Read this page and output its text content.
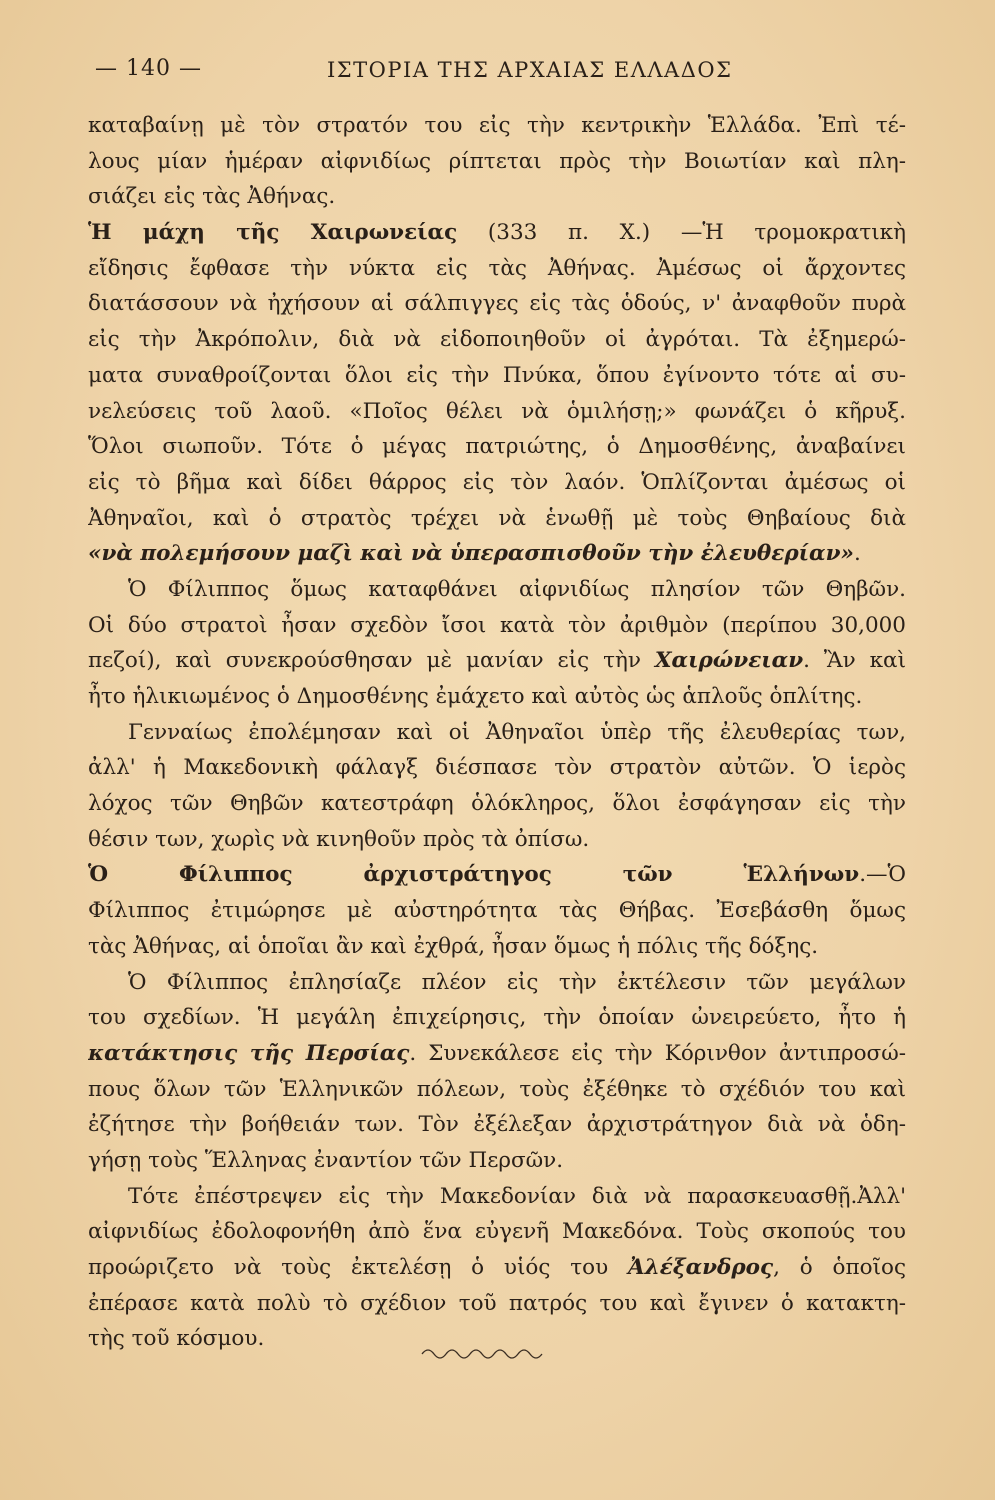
— 140 —	ΙΣΤΟΡΙΑ ΤΗΣ ΑΡΧΑΙΑΣ ΕΛΛΑΔΟΣ
καταβαίνῃ μὲ τὸν στρατόν του εἰς τὴν κεντρικὴν Ἑλλάδα. Ἐπὶ τέ-
λους μίαν ἡμέραν αἰφνιδίως ρίπτεται πρὸς τὴν Βοιωτίαν καὶ πλη-
σιάζει εἰς τὰς Ἀθήνας.
Ἡ μάχη τῆς Χαιρωνείας (333 π. Χ.) —Ἡ τρομοκρατικὴ
εἴδησις ἔφθασε τὴν νύκτα εἰς τὰς Ἀθήνας. Ἀμέσως οἱ ἄρχοντες
διατάσσουν νὰ ἠχήσουν αἱ σάλπιγγες εἰς τὰς ὁδούς, ν' ἀναφθοῦν πυρὰ
εἰς τὴν Ἀκρόπολιν, διὰ νὰ εἰδοποιηθοῦν οἱ ἀγρόται. Τὰ ἐξημερώ-
ματα συναθροίζονται ὅλοι εἰς τὴν Πνύκα, ὅπου ἐγίνοντο τότε αἱ συ-
νελεύσεις τοῦ λαοῦ. «Ποῖος θέλει νὰ ὁμιλήσῃ;» φωνάζει ὁ κῆρυξ.
Ὅλοι σιωποῦν. Τότε ὁ μέγας πατριώτης, ὁ Δημοσθένης, ἀναβαίνει
εἰς τὸ βῆμα καὶ δίδει θάρρος εἰς τὸν λαόν. Ὁπλίζονται ἀμέσως οἱ
Ἀθηναῖοι, καὶ ὁ στρατὸς τρέχει νὰ ἑνωθῇ μὲ τοὺς Θηβαίους διὰ
«νὰ πολεμήσουν μαζὶ καὶ νὰ ὑπερασπισθοῦν τὴν ἐλευθερίαν».
Ὁ Φίλιππος ὅμως καταφθάνει αἰφνιδίως πλησίον τῶν Θηβῶν.
Οἱ δύο στρατοὶ ἦσαν σχεδὸν ἴσοι κατὰ τὸν ἀριθμὸν (περίπου 30,000
πεζοί), καὶ συνεκρούσθησαν μὲ μανίαν εἰς τὴν Χαιρώνειαν. Ἂν καὶ
ἦτο ἡλικιωμένος ὁ Δημοσθένης ἐμάχετο καὶ αὐτὸς ὡς ἁπλοῦς ὁπλίτης.
Γενναίως ἐπολέμησαν καὶ οἱ Ἀθηναῖοι ὑπὲρ τῆς ἐλευθερίας των,
ἀλλ' ἡ Μακεδονικὴ φάλαγξ διέσπασε τὸν στρατὸν αὐτῶν. Ὁ ἱερὸς
λόχος τῶν Θηβῶν κατεστράφη ὁλόκληρος, ὅλοι ἐσφάγησαν εἰς τὴν
θέσιν των, χωρὶς νὰ κινηθοῦν πρὸς τὰ ὀπίσω.
Ὁ Φίλιππος ἀρχιστράτηγος τῶν Ἑλλήνων.—Ὁ
Φίλιππος ἐτιμώρησε μὲ αὐστηρότητα τὰς Θήβας. Ἐσεβάσθη ὅμως
τὰς Ἀθήνας, αἱ ὁποῖαι ἂν καὶ ἐχθρά, ἦσαν ὅμως ἡ πόλις τῆς δόξης.
Ὁ Φίλιππος ἐπλησίαζε πλέον εἰς τὴν ἐκτέλεσιν τῶν μεγάλων
του σχεδίων. Ἡ μεγάλη ἐπιχείρησις, τὴν ὁποίαν ὠνειρεύετο, ἦτο ἡ
κατάκτησις τῆς Περσίας. Συνεκάλεσε εἰς τὴν Κόρινθον ἀντιπροσώ-
πους ὅλων τῶν Ἑλληνικῶν πόλεων, τοὺς ἐξέθηκε τὸ σχέδιόν του καὶ
ἐζήτησε τὴν βοήθειάν των. Τὸν ἐξέλεξαν ἀρχιστράτηγον διὰ νὰ ὁδη-
γήσῃ τοὺς Ἕλληνας ἐναντίον τῶν Περσῶν.
Τότε ἐπέστρεψεν εἰς τὴν Μακεδονίαν διὰ νὰ παρασκευασθῇ.Ἀλλ'
αἰφνιδίως ἐδολοφονήθη ἀπὸ ἕνα εὐγενῆ Μακεδόνα. Τοὺς σκοπούς του
προώριζετο νὰ τοὺς ἐκτελέσῃ ὁ υἱός του Ἀλέξανδρος, ὁ ὁποῖος
ἐπέρασε κατὰ πολὺ τὸ σχέδιον τοῦ πατρός του καὶ ἔγινεν ὁ κατακτη-
τὴς τοῦ κόσμου.
